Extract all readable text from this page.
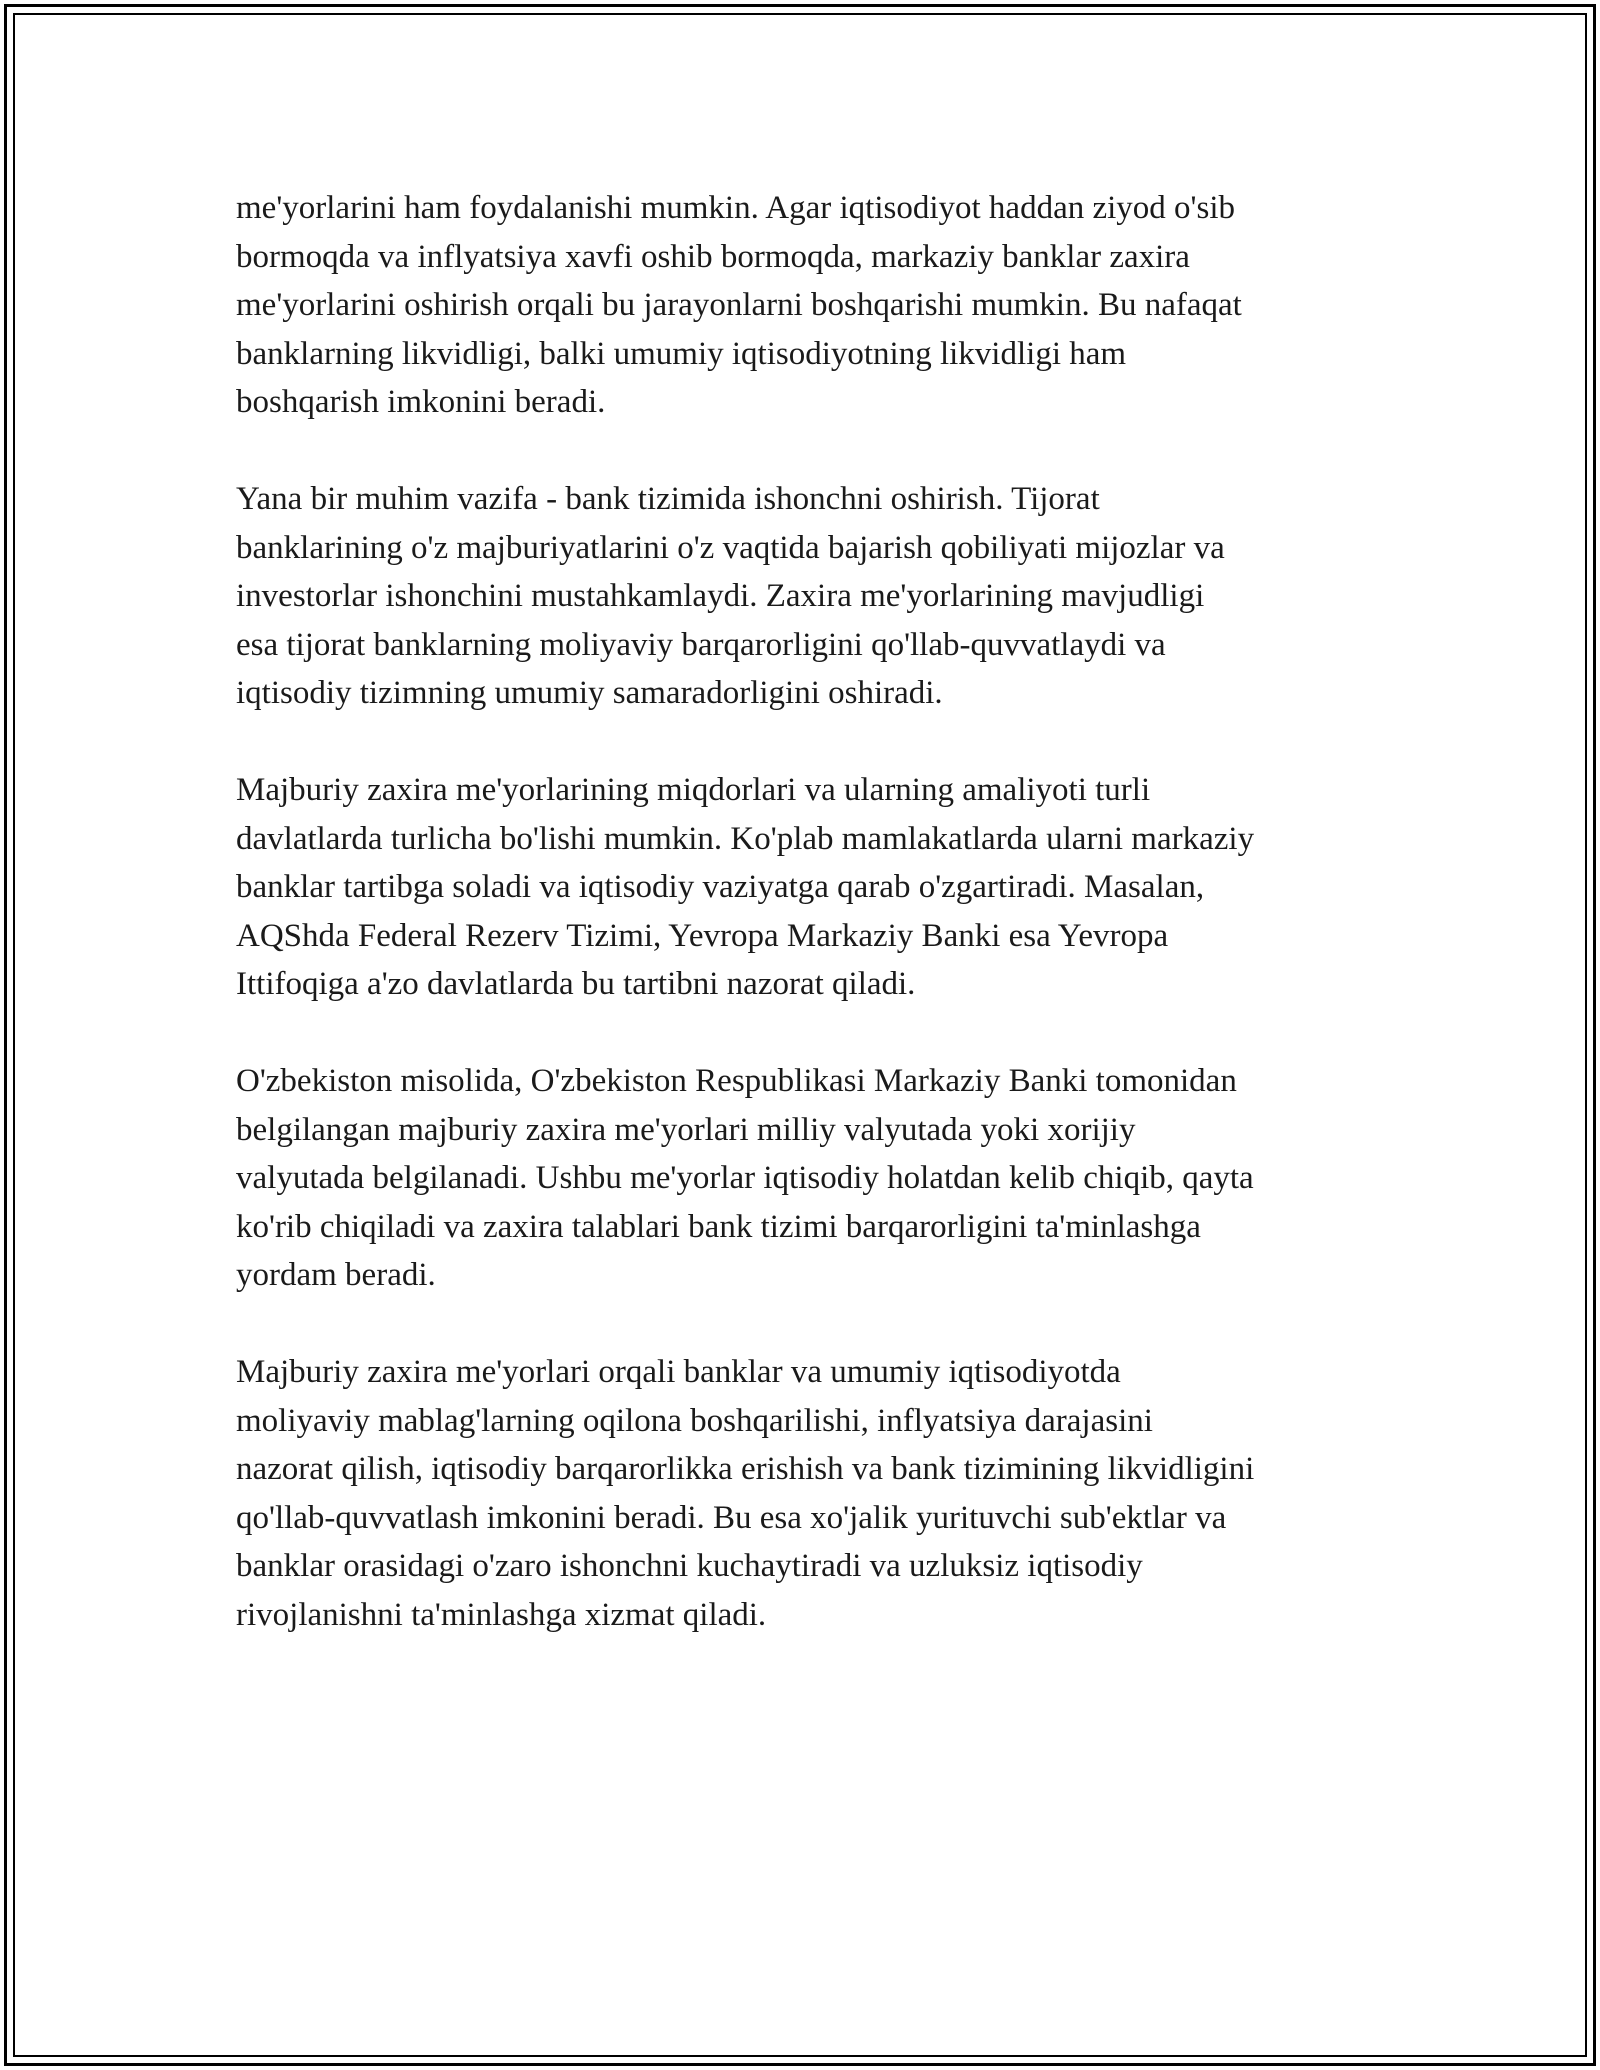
me'yorlarini ham foydalanishi mumkin. Agar iqtisodiyot haddan ziyod o'sib
bormoqda va inflyatsiya xavfi oshib bormoqda, markaziy banklar zaxira
me'yorlarini oshirish orqali bu jarayonlarni boshqarishi mumkin. Bu nafaqat
banklarning likvidligi, balki umumiy iqtisodiyotning likvidligi ham
boshqarish imkonini beradi.

Yana bir muhim vazifa - bank tizimida ishonchni oshirish. Tijorat
banklarining o'z majburiyatlarini o'z vaqtida bajarish qobiliyati mijozlar va
investorlar ishonchini mustahkamlaydi. Zaxira me'yorlarining mavjudligi
esa tijorat banklarning moliyaviy barqarorligini qo'llab-quvvatlaydi va
iqtisodiy tizimning umumiy samaradorligini oshiradi.

Majburiy zaxira me'yorlarining miqdorlari va ularning amaliyoti turli
davlatlarda turlicha bo'lishi mumkin. Ko'plab mamlakatlarda ularni markaziy
banklar tartibga soladi va iqtisodiy vaziyatga qarab o'zgartiradi. Masalan,
AQShda Federal Rezerv Tizimi, Yevropa Markaziy Banki esa Yevropa
Ittifoqiga a'zo davlatlarda bu tartibni nazorat qiladi.

O'zbekiston misolida, O'zbekiston Respublikasi Markaziy Banki tomonidan
belgilangan majburiy zaxira me'yorlari milliy valyutada yoki xorijiy
valyutada belgilanadi. Ushbu me'yorlar iqtisodiy holatdan kelib chiqib, qayta
ko'rib chiqiladi va zaxira talablari bank tizimi barqarorligini ta'minlashga
yordam beradi.

Majburiy zaxira me'yorlari orqali banklar va umumiy iqtisodiyotda
moliyaviy mablag'larning oqilona boshqarilishi, inflyatsiya darajasini
nazorat qilish, iqtisodiy barqarorlikka erishish va bank tizimining likvidligini
qo'llab-quvvatlash imkonini beradi. Bu esa xo'jalik yurituvchi sub'ektlar va
banklar orasidagi o'zaro ishonchni kuchaytiradi va uzluksiz iqtisodiy
rivojlanishni ta'minlashga xizmat qiladi.
